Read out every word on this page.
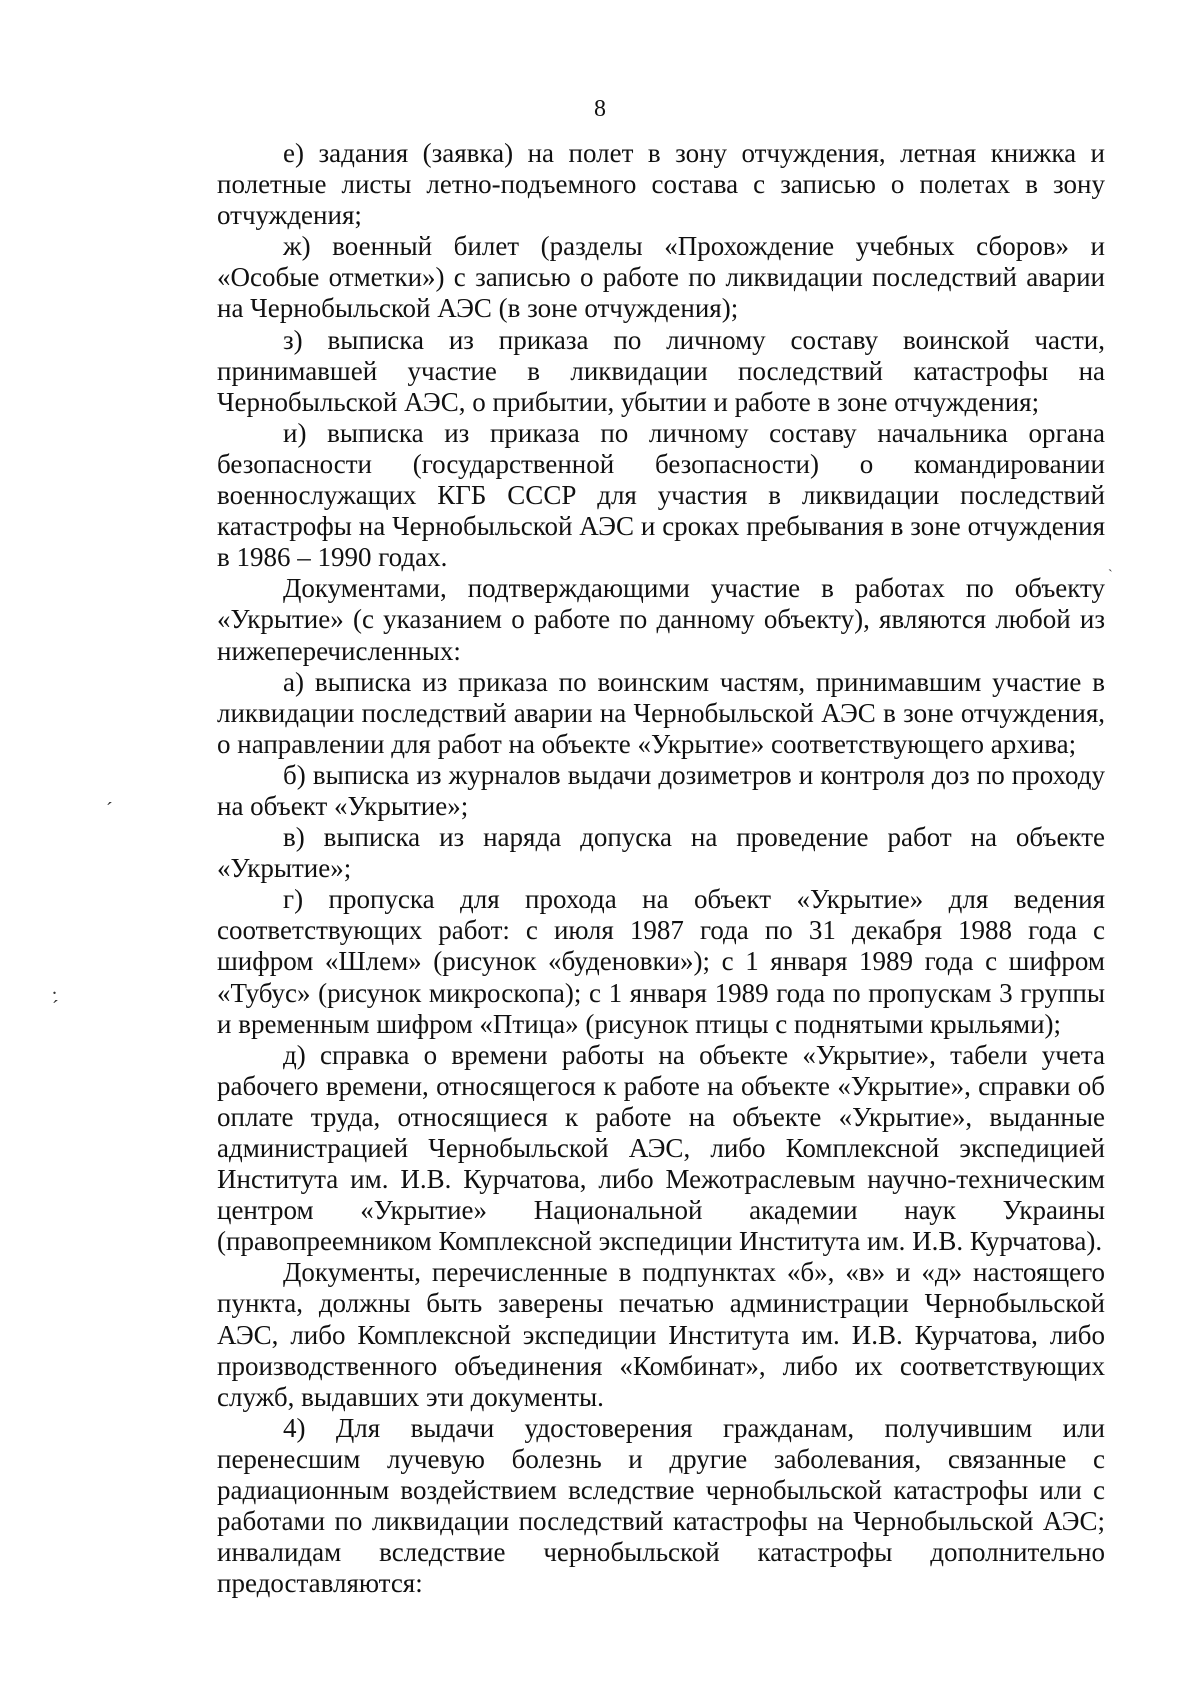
8

е) задания (заявка) на полет в зону отчуждения, летная книжка и полетные листы летно-подъемного состава с записью о полетах в зону отчуждения;

ж) военный билет (разделы «Прохождение учебных сборов» и «Особые отметки») с записью о работе по ликвидации последствий аварии на Чернобыльской АЭС (в зоне отчуждения);

з) выписка из приказа по личному составу воинской части, принимавшей участие в ликвидации последствий катастрофы на Чернобыльской АЭС, о прибытии, убытии и работе в зоне отчуждения;

и) выписка из приказа по личному составу начальника органа безопасности (государственной безопасности) о командировании военнослужащих КГБ СССР для участия в ликвидации последствий катастрофы на Чернобыльской АЭС и сроках пребывания в зоне отчуждения в 1986 – 1990 годах.

Документами, подтверждающими участие в работах по объекту «Укрытие» (с указанием о работе по данному объекту), являются любой из нижеперечисленных:

а) выписка из приказа по воинским частям, принимавшим участие в ликвидации последствий аварии на Чернобыльской АЭС в зоне отчуждения, о направлении для работ на объекте «Укрытие» соответствующего архива;

б) выписка из журналов выдачи дозиметров и контроля доз по проходу на объект «Укрытие»;

в) выписка из наряда допуска на проведение работ на объекте «Укрытие»;

г) пропуска для прохода на объект «Укрытие» для ведения соответствующих работ: с июля 1987 года по 31 декабря 1988 года с шифром «Шлем» (рисунок «буденовки»); с 1 января 1989 года с шифром «Тубус» (рисунок микроскопа); с 1 января 1989 года по пропускам 3 группы и временным шифром «Птица» (рисунок птицы с поднятыми крыльями);

д) справка о времени работы на объекте «Укрытие», табели учета рабочего времени, относящегося к работе на объекте «Укрытие», справки об оплате труда, относящиеся к работе на объекте «Укрытие», выданные администрацией Чернобыльской АЭС, либо Комплексной экспедицией Института им. И.В. Курчатова, либо Межотраслевым научно-техническим центром «Укрытие» Национальной академии наук Украины (правопреемником Комплексной экспедиции Института им. И.В. Курчатова).

Документы, перечисленные в подпунктах «б», «в» и «д» настоящего пункта, должны быть заверены печатью администрации Чернобыльской АЭС, либо Комплексной экспедиции Института им. И.В. Курчатова, либо производственного объединения «Комбинат», либо их соответствующих служб, выдавших эти документы.

4) Для выдачи удостоверения гражданам, получившим или перенесшим лучевую болезнь и другие заболевания, связанные с радиационным воздействием вследствие чернобыльской катастрофы или с работами по ликвидации последствий катастрофы на Чернобыльской АЭС; инвалидам вследствие чернобыльской катастрофы дополнительно предоставляются:

ˊ
.
ˊ
ˋ
